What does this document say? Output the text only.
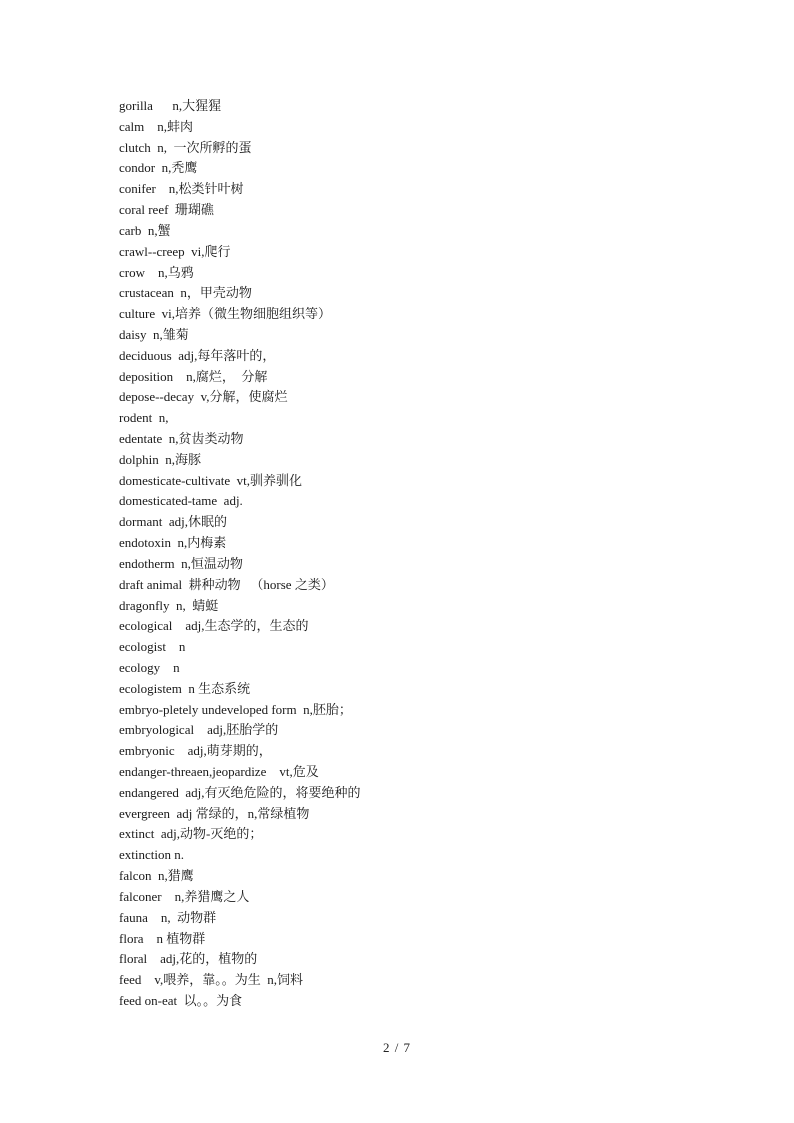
gorilla      n,大猩猩
calm    n,蚌肉
clutch  n,  一次所孵的蛋
condor  n,秃鹰
conifer    n,松类针叶树
coral reef  珊瑚礁
carb  n,蟹
crawl--creep  vi,爬行
crow    n,乌鸦
crustacean  n，甲壳动物
culture  vi,培养（微生物细胞组织等）
daisy  n,雏菊
deciduous  adj,每年落叶的，
deposition    n,腐烂，  分解
depose--decay  v,分解，使腐烂
rodent  n,
edentate  n,贫齿类动物
dolphin  n,海豚
domesticate-cultivate  vt,驯养驯化
domesticated-tame  adj.
dormant  adj,休眠的
endotoxin  n,内梅素
endotherm  n,恒温动物
draft animal  耕种动物   （horse 之类）
dragonfly  n,  蜻蜓
ecological    adj,生态学的，生态的
ecologist    n
ecology    n
ecologistem  n 生态系统
embryo-pletely undeveloped form  n,胚胎；
embryological    adj,胚胎学的
embryonic    adj,萌芽期的，
endanger-threaen,jeopardize    vt,危及
endangered  adj,有灭绝危险的，将要绝种的
evergreen  adj 常绿的，n,常绿植物
extinct  adj,动物-灭绝的；
extinction n.
falcon  n,猎鹰
falconer    n,养猎鹰之人
fauna    n,  动物群
flora    n 植物群
floral    adj,花的，植物的
feed    v,喂养，靠。。为生  n,饲料
feed on-eat  以。。为食
2 / 7
